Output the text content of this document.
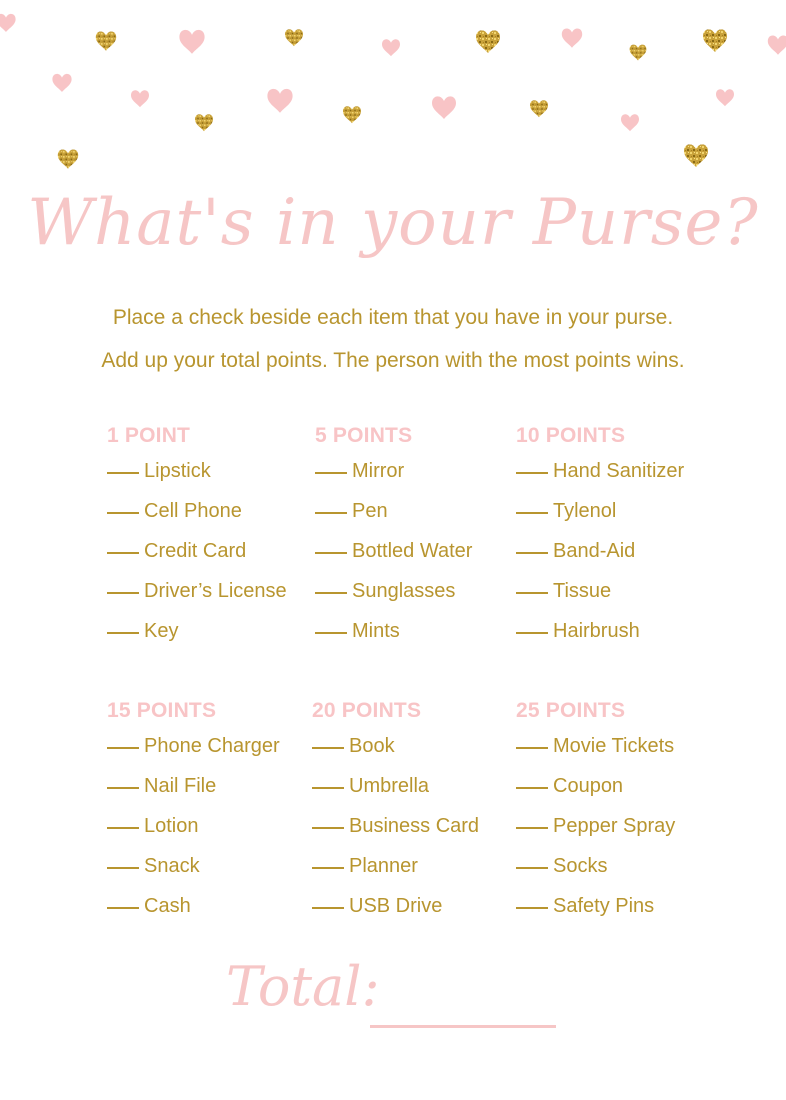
What's in your Purse?
Place a check beside each item that you have in your purse.
Add up your total points. The person with the most points wins.
1 POINT
Lipstick
Cell Phone
Credit Card
Driver’s License
Key
5 POINTS
Mirror
Pen
Bottled Water
Sunglasses
Mints
10 POINTS
Hand Sanitizer
Tylenol
Band-Aid
Tissue
Hairbrush
15 POINTS
Phone Charger
Nail File
Lotion
Snack
Cash
20 POINTS
Book
Umbrella
Business Card
Planner
USB Drive
25 POINTS
Movie Tickets
Coupon
Pepper Spray
Socks
Safety Pins
Total:
